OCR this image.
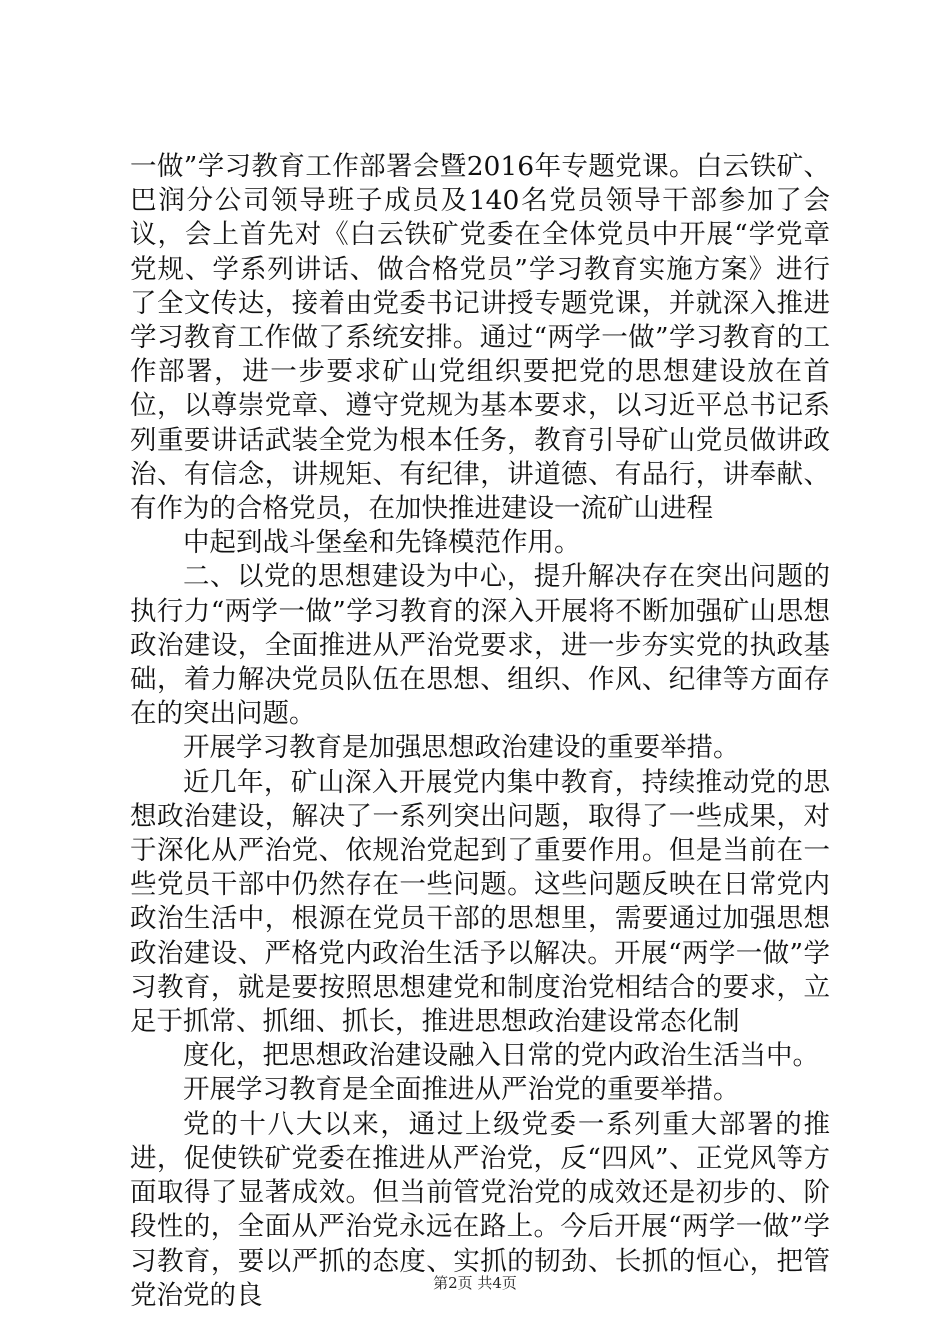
一做”学习教育工作部署会暨2016年专题党课。白云铁矿、巴润分公司领导班子成员及140名党员领导干部参加了会议，会上首先对《白云铁矿党委在全体党员中开展“学党章党规、学系列讲话、做合格党员”学习教育实施方案》进行了全文传达，接着由党委书记讲授专题党课，并就深入推进学习教育工作做了系统安排。通过“两学一做”学习教育的工作部署，进一步要求矿山党组织要把党的思想建设放在首位，以尊崇党章、遵守党规为基本要求，以习近平总书记系列重要讲话武装全党为根本任务，教育引导矿山党员做讲政治、有信念，讲规矩、有纪律，讲道德、有品行，讲奉献、有作为的合格党员，在加快推进建设一流矿山进程

中起到战斗堡垒和先锋模范作用。

二、以党的思想建设为中心，提升解决存在突出问题的执行力“两学一做”学习教育的深入开展将不断加强矿山思想政治建设，全面推进从严治党要求，进一步夯实党的执政基础，着力解决党员队伍在思想、组织、作风、纪律等方面存在的突出问题。

开展学习教育是加强思想政治建设的重要举措。

近几年，矿山深入开展党内集中教育，持续推动党的思想政治建设，解决了一系列突出问题，取得了一些成果，对于深化从严治党、依规治党起到了重要作用。但是当前在一些党员干部中仍然存在一些问题。这些问题反映在日常党内政治生活中，根源在党员干部的思想里，需要通过加强思想政治建设、严格党内政治生活予以解决。开展“两学一做”学习教育，就是要按照思想建党和制度治党相结合的要求，立足于抓常、抓细、抓长，推进思想政治建设常态化制

度化，把思想政治建设融入日常的党内政治生活当中。

开展学习教育是全面推进从严治党的重要举措。

党的十八大以来，通过上级党委一系列重大部署的推进，促使铁矿党委在推进从严治党，反“四风”、正党风等方面取得了显著成效。但当前管党治党的成效还是初步的、阶段性的，全面从严治党永远在路上。今后开展“两学一做”学习教育，要以严抓的态度、实抓的韧劲、长抓的恒心，把管党治党的良	第2页 共4页
